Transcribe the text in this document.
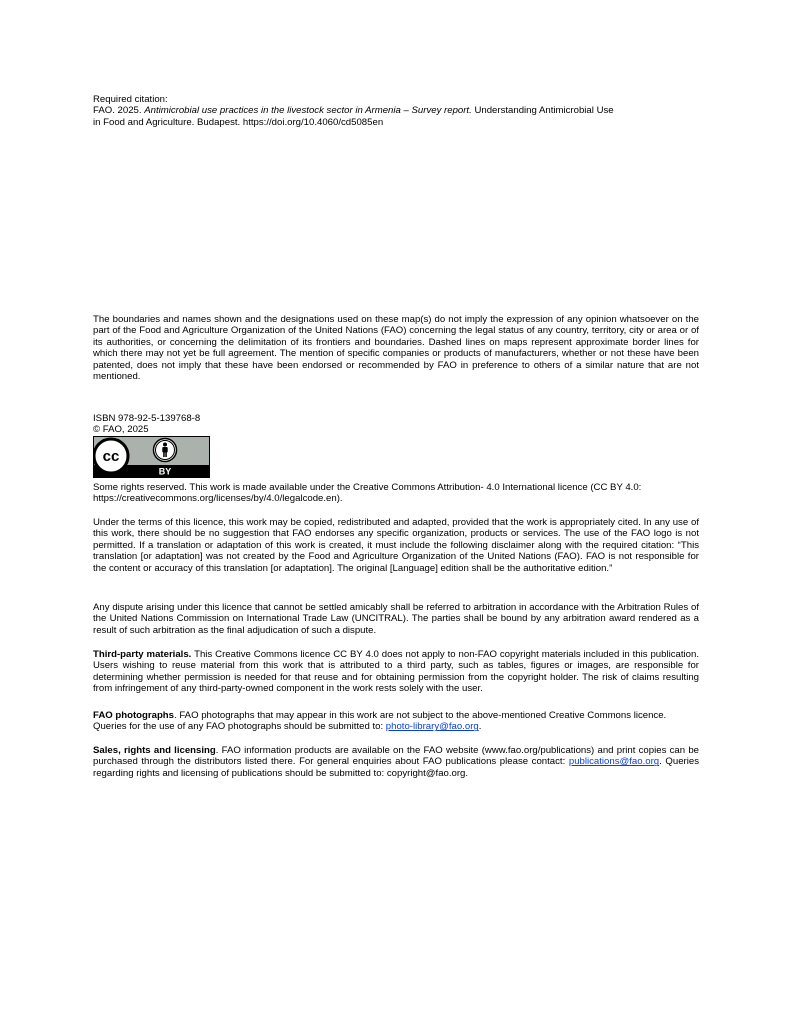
Required citation:

FAO. 2025. Antimicrobial use practices in the livestock sector in Armenia – Survey report. Understanding Antimicrobial Use

in Food and Agriculture. Budapest. https://doi.org/10.4060/cd5085en

The boundaries and names shown and the designations used on these map(s) do not imply the expression of any opinion whatsoever on the part of the Food and Agriculture Organization of the United Nations (FAO) concerning the legal status of any country, territory, city or area or of its authorities, or concerning the delimitation of its frontiers and boundaries. Dashed lines on maps represent approximate border lines for which there may not yet be full agreement. The mention of specific companies or products of manufacturers, whether or not these have been patented, does not imply that these have been endorsed or recommended by FAO in preference to others of a similar nature that are not mentioned.

ISBN 978-92-5-139768-8

© FAO, 2025

cc
BY

Some rights reserved. This work is made available under the Creative Commons Attribution- 4.0 International licence (CC BY 4.0:

https://creativecommons.org/licenses/by/4.0/legalcode.en).

Under the terms of this licence, this work may be copied, redistributed and adapted, provided that the work is appropriately cited. In any use of this work, there should be no suggestion that FAO endorses any specific organization, products or services. The use of the FAO logo is not permitted. If a translation or adaptation of this work is created, it must include the following disclaimer along with the required citation: “This translation [or adaptation] was not created by the Food and Agriculture Organization of the United Nations (FAO). FAO is not responsible for the content or accuracy of this translation [or adaptation]. The original [Language] edition shall be the authoritative edition.”

Any dispute arising under this licence that cannot be settled amicably shall be referred to arbitration in accordance with the Arbitration Rules of the United Nations Commission on International Trade Law (UNCITRAL). The parties shall be bound by any arbitration award rendered as a result of such arbitration as the final adjudication of such a dispute.

Third-party materials. This Creative Commons licence CC BY 4.0 does not apply to non-FAO copyright materials included in this publication. Users wishing to reuse material from this work that is attributed to a third party, such as tables, figures or images, are responsible for determining whether permission is needed for that reuse and for obtaining permission from the copyright holder. The risk of claims resulting from infringement of any third-party-owned component in the work rests solely with the user.

FAO photographs. FAO photographs that may appear in this work are not subject to the above-mentioned Creative Commons licence. Queries for the use of any FAO photographs should be submitted to: photo-library@fao.org.

Sales, rights and licensing. FAO information products are available on the FAO website (www.fao.org/publications) and print copies can be purchased through the distributors listed there. For general enquiries about FAO publications please contact: publications@fao.org. Queries regarding rights and licensing of publications should be submitted to: copyright@fao.org.
